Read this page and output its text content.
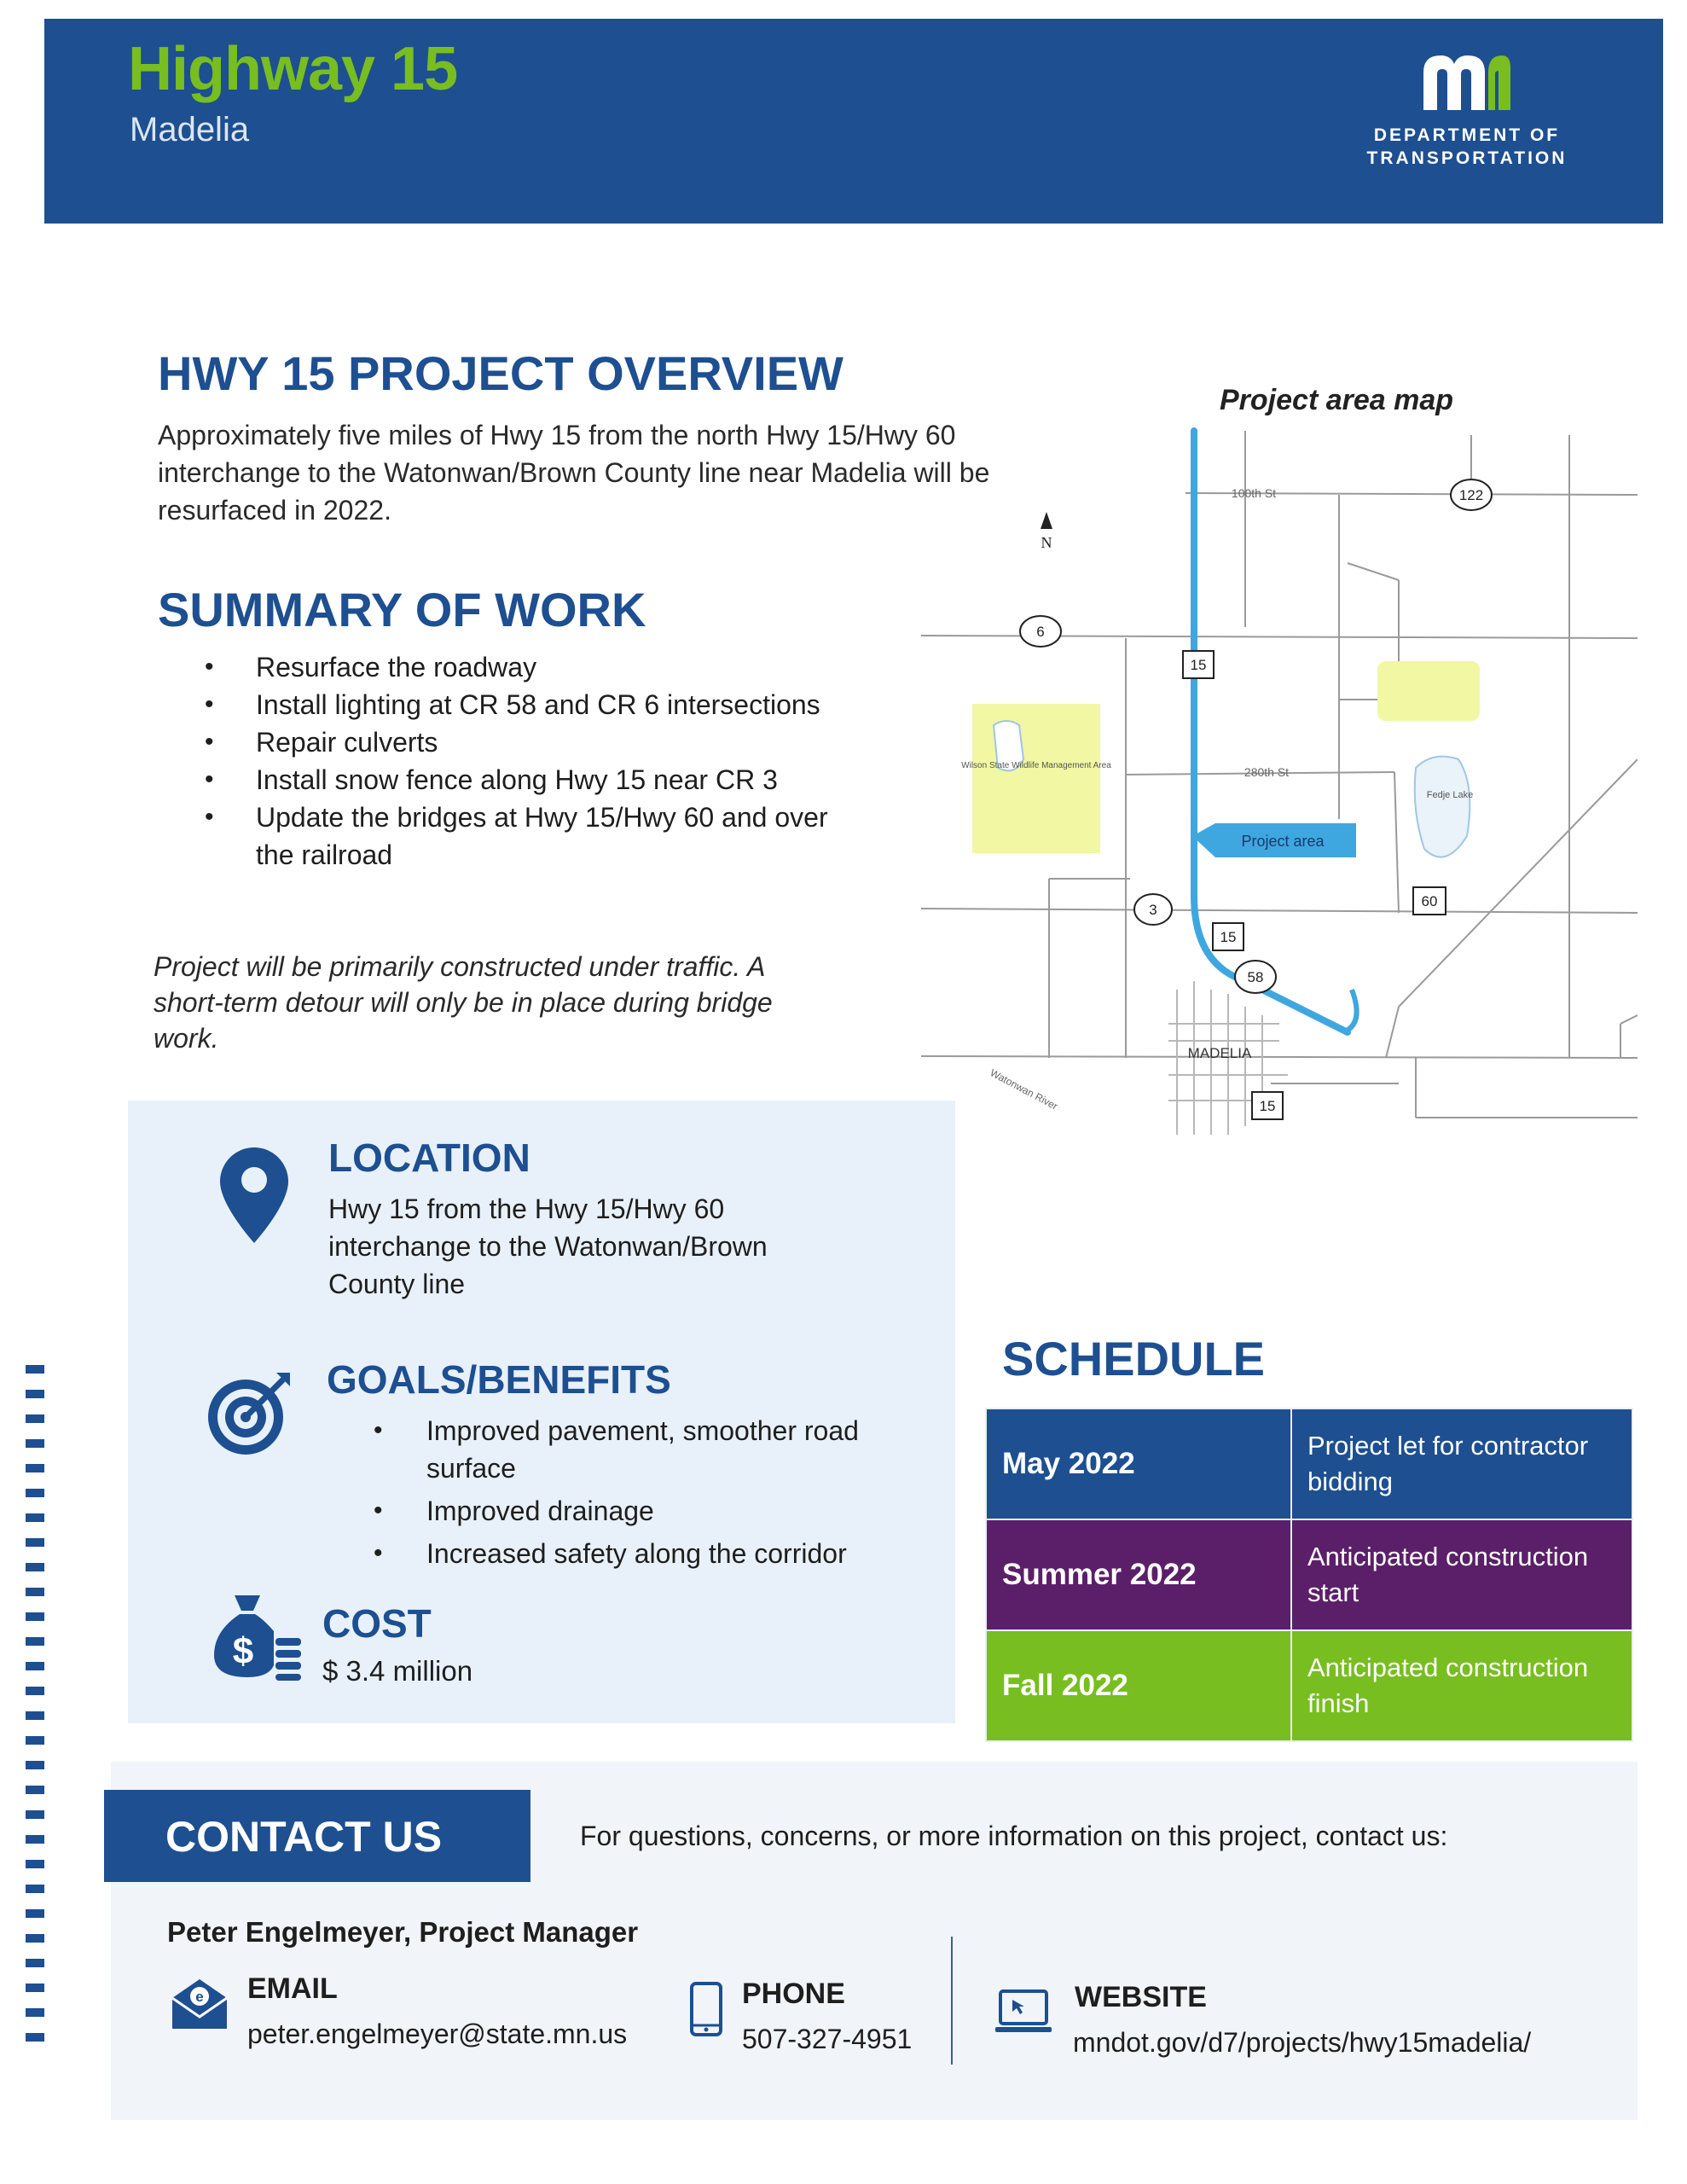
Highway 15
Madelia	DEPARTMENT OF
TRANSPORTATION
HWY 15 PROJECT OVERVIEW
Approximately five miles of Hwy 15 from the north Hwy 15/Hwy 60 interchange to the Watonwan/Brown County line near Madelia will be resurfaced in 2022.
SUMMARY OF WORK
• Resurface the roadway
• Install lighting at CR 58 and CR 6 intersections
• Repair culverts
• Install snow fence along Hwy 15 near CR 3
• Update the bridges at Hwy 15/Hwy 60 and over the railroad
Project will be primarily constructed under traffic. A short-term detour will only be in place during bridge work.
Project area map
Project area
100th St
280th St
Wilson State Wildlife Management Area
Fedje Lake
MADELIA
Watonwan River
N
122
6
15
60
3
15
58
15
LOCATION
Hwy 15 from the Hwy 15/Hwy 60 interchange to the Watonwan/Brown County line
GOALS/BENEFITS
• Improved pavement, smoother road surface
• Improved drainage
• Increased safety along the corridor
$
COST
$ 3.4 million
SCHEDULE
May 2022	Project let for contractor bidding
Summer 2022	Anticipated construction start
Fall 2022	Anticipated construction finish
CONTACT US	For questions, concerns, or more information on this project, contact us:
Peter Engelmeyer, Project Manager
e EMAIL
peter.engelmeyer@state.mn.us
PHONE
507-327-4951
WEBSITE
mndot.gov/d7/projects/hwy15madelia/
